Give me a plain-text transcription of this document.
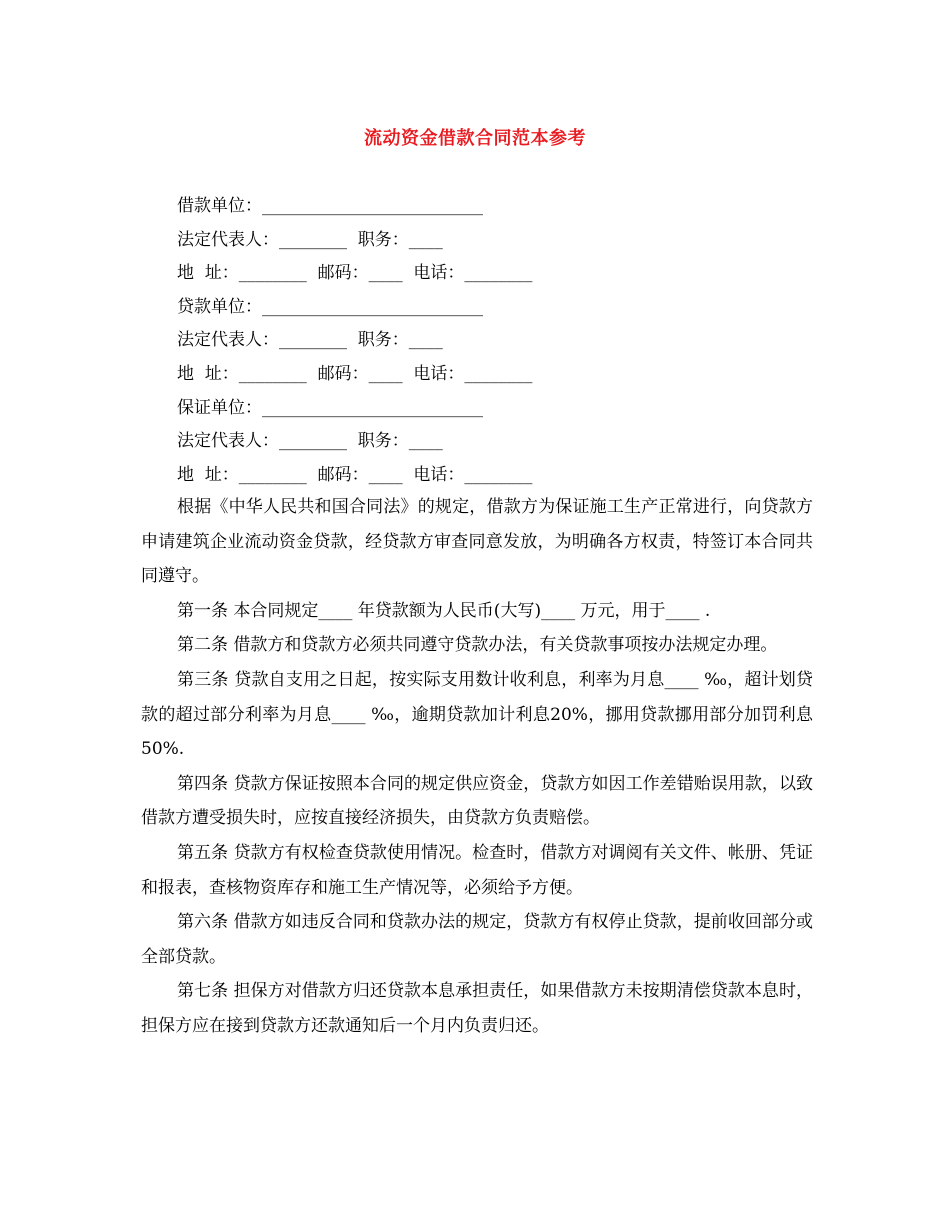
流动资金借款合同范本参考
借款单位：__________________________
法定代表人：________  职务：____
地  址：________  邮码：____  电话：________
贷款单位：__________________________
法定代表人：________  职务：____
地  址：________  邮码：____  电话：________
保证单位：__________________________
法定代表人：________  职务：____
地  址：________  邮码：____  电话：________

根据《中华人民共和国合同法》的规定，借款方为保证施工生产正常进行，向贷款方申请建筑企业流动资金贷款，经贷款方审查同意发放，为明确各方权责，特签订本合同共同遵守。

第一条 本合同规定____ 年贷款额为人民币(大写)____ 万元，用于____ .

第二条 借款方和贷款方必须共同遵守贷款办法，有关贷款事项按办法规定办理。

第三条 贷款自支用之日起，按实际支用数计收利息，利率为月息____ ‰，超计划贷款的超过部分利率为月息____ ‰，逾期贷款加计利息20%，挪用贷款挪用部分加罚利息50%.

第四条 贷款方保证按照本合同的规定供应资金，贷款方如因工作差错贻误用款，以致借款方遭受损失时，应按直接经济损失，由贷款方负责赔偿。

第五条 贷款方有权检查贷款使用情况。检查时，借款方对调阅有关文件、帐册、凭证和报表，查核物资库存和施工生产情况等，必须给予方便。

第六条 借款方如违反合同和贷款办法的规定，贷款方有权停止贷款，提前收回部分或全部贷款。

第七条 担保方对借款方归还贷款本息承担责任，如果借款方未按期清偿贷款本息时，担保方应在接到贷款方还款通知后一个月内负责归还。
